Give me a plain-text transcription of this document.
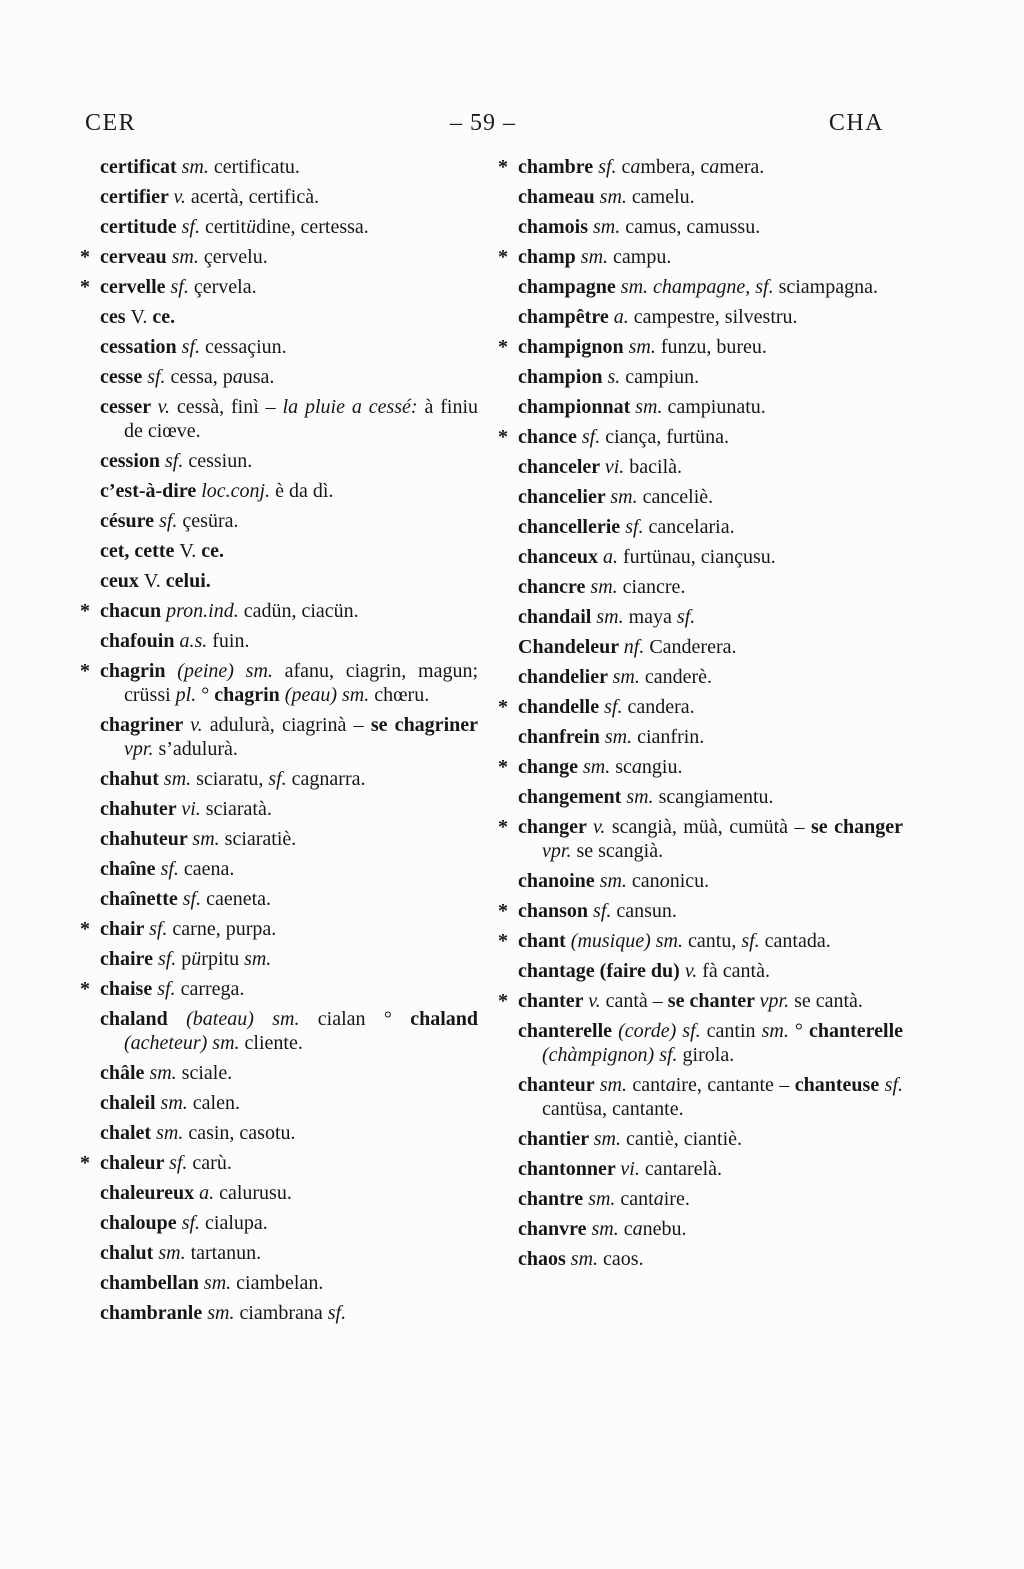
CER	– 59 –	CHA

certificat sm. certificatu.

certifier v. acertà, certificà.

certitude sf. certitüdine, certessa.

* cerveau sm. çervelu.

* cervelle sf. çervela.

ces V. ce.

cessation sf. cessaçiun.

cesse sf. cessa, pausa.

cesser v. cessà, finì – la pluie a cessé: à finiu de ciœve.

cession sf. cessiun.

c’est-à-dire loc.conj. è da dì.

césure sf. çesüra.

cet, cette V. ce.

ceux V. celui.

* chacun pron.ind. cadün, ciacün.

chafouin a.s. fuin.

* chagrin (peine) sm. afanu, ciagrin, magun; crüssi pl. ° chagrin (peau) sm. chœru.

chagriner v. adulurà, ciagrinà – se chagriner vpr. s’adulurà.

chahut sm. sciaratu, sf. cagnarra.

chahuter vi. sciaratà.

chahuteur sm. sciaratiè.

chaîne sf. caena.

chaînette sf. caeneta.

* chair sf. carne, purpa.

chaire sf. pürpitu sm.

* chaise sf. carrega.

chaland (bateau) sm. cialan ° chaland (acheteur) sm. cliente.

châle sm. sciale.

chaleil sm. calen.

chalet sm. casin, casotu.

* chaleur sf. carù.

chaleureux a. calurusu.

chaloupe sf. cialupa.

chalut sm. tartanun.

chambellan sm. ciambelan.

chambranle sm. ciambrana sf.

* chambre sf. cambera, camera.

chameau sm. camelu.

chamois sm. camus, camussu.

* champ sm. campu.

champagne sm. champagne, sf. sciampagna.

champêtre a. campestre, silvestru.

* champignon sm. funzu, bureu.

champion s. campiun.

championnat sm. campiunatu.

* chance sf. ciança, furtüna.

chanceler vi. bacilà.

chancelier sm. canceliè.

chancellerie sf. cancelaria.

chanceux a. furtünau, ciançusu.

chancre sm. ciancre.

chandail sm. maya sf.

Chandeleur nf. Canderera.

chandelier sm. canderè.

* chandelle sf. candera.

chanfrein sm. cianfrin.

* change sm. scangiu.

changement sm. scangiamentu.

* changer v. scangià, müà, cumütà – se changer vpr. se scangià.

chanoine sm. canonicu.

* chanson sf. cansun.

* chant (musique) sm. cantu, sf. cantada.

chantage (faire du) v. fà cantà.

* chanter v. cantà – se chanter vpr. se cantà.

chanterelle (corde) sf. cantin sm. ° chanterelle (chàmpignon) sf. girola.

chanteur sm. cantaire, cantante – chanteuse sf. cantüsa, cantante.

chantier sm. cantiè, ciantiè.

chantonner vi. cantarelà.

chantre sm. cantaire.

chanvre sm. canebu.

chaos sm. caos.
